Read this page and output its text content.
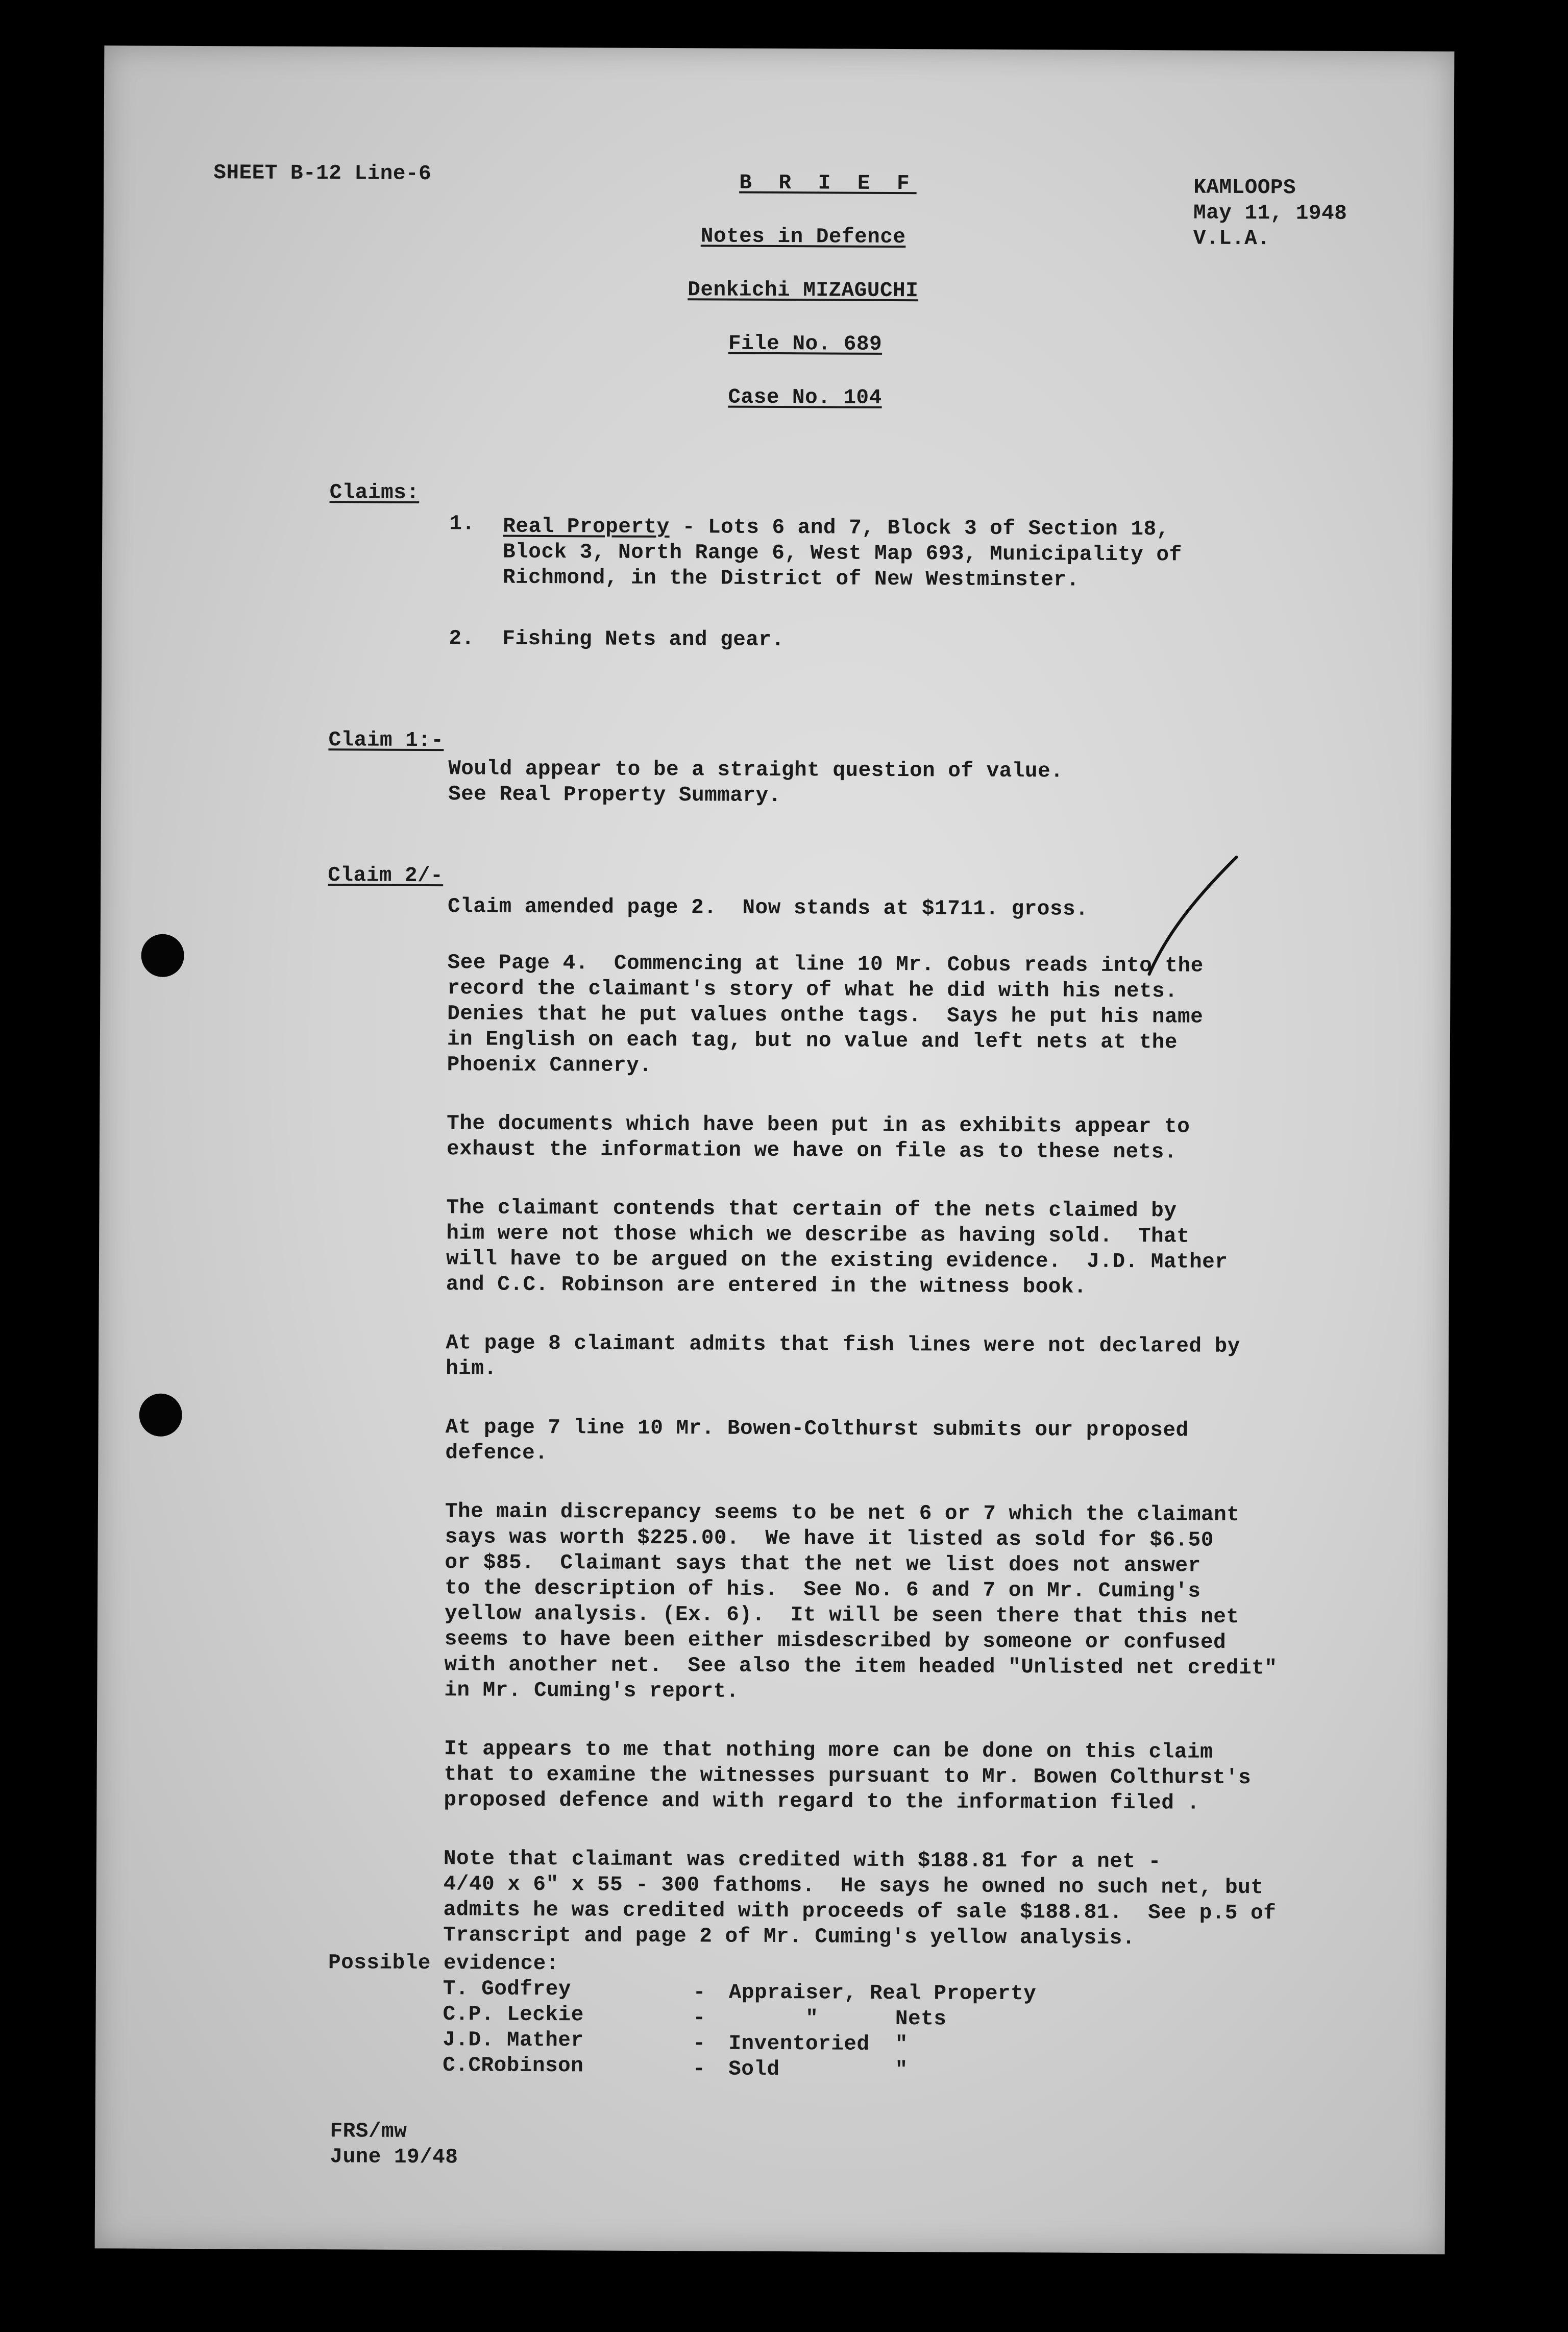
SHEET B-12 Line-6
KAMLOOPS
May 11, 1948
V.L.A.
B R I E F
Notes in Defence
Denkichi MIZAGUCHI
File No. 689
Case No. 104
Claims:
1. Real Property - Lots 6 and 7, Block 3 of Section 18,
Block 3, North Range 6, West Map 693, Municipality of
Richmond, in the District of New Westminster.
2. Fishing Nets and gear.
Claim 1:-
Would appear to be a straight question of value.
See Real Property Summary.
Claim 2/-
Claim amended page 2.  Now stands at $1711. gross.
See Page 4.  Commencing at line 10 Mr. Cobus reads into the
record the claimant's story of what he did with his nets.
Denies that he put values onthe tags.  Says he put his name
in English on each tag, but no value and left nets at the
Phoenix Cannery.
The documents which have been put in as exhibits appear to
exhaust the information we have on file as to these nets.
The claimant contends that certain of the nets claimed by
him were not those which we describe as having sold.  That
will have to be argued on the existing evidence.  J.D. Mather
and C.C. Robinson are entered in the witness book.
At page 8 claimant admits that fish lines were not declared by
him.
At page 7 line 10 Mr. Bowen-Colthurst submits our proposed
defence.
The main discrepancy seems to be net 6 or 7 which the claimant
says was worth $225.00.  We have it listed as sold for $6.50
or $85.  Claimant says that the net we list does not answer
to the description of his.  See No. 6 and 7 on Mr. Cuming's
yellow analysis. (Ex. 6).  It will be seen there that this net
seems to have been either misdescribed by someone or confused
with another net.  See also the item headed "Unlisted net credit"
in Mr. Cuming's report.
It appears to me that nothing more can be done on this claim
that to examine the witnesses pursuant to Mr. Bowen Colthurst's
proposed defence and with regard to the information filed .
Note that claimant was credited with $188.81 for a net -
4/40 x 6" x 55 - 300 fathoms.  He says he owned no such net, but
admits he was credited with proceeds of sale $188.81.  See p.5 of
Transcript and page 2 of Mr. Cuming's yellow analysis.
Possible evidence:
T. Godfrey	- Appraiser, Real Property
C.P. Leckie	- "      Nets
J.D. Mather	- Inventoried  "
C.CRobinson	- Sold         "
FRS/mw
June 19/48
